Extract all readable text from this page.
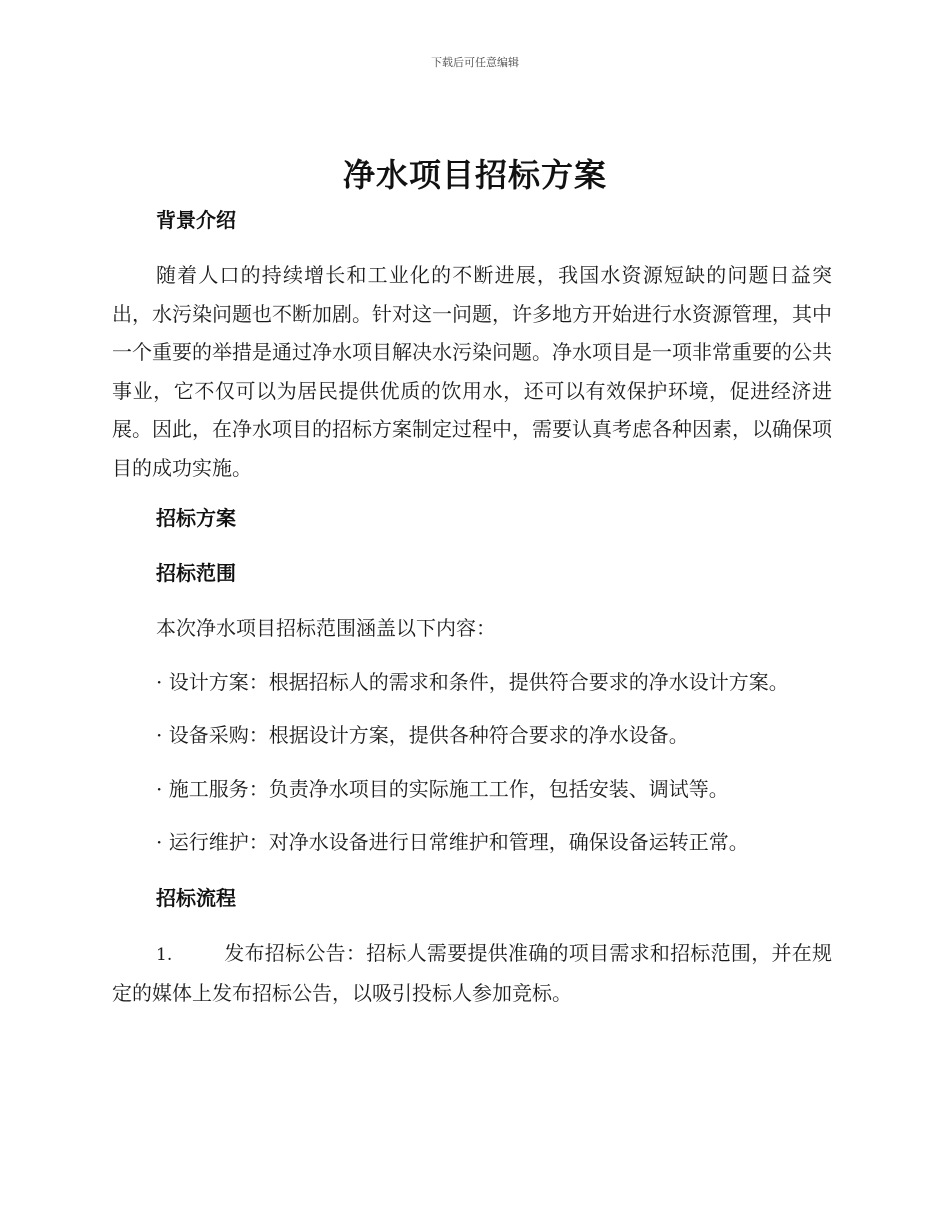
下载后可任意编辑
净水项目招标方案

背景介绍

随着人口的持续增长和工业化的不断进展，我国水资源短缺的问题日益突出，水污染问题也不断加剧。针对这一问题，许多地方开始进行水资源管理，其中一个重要的举措是通过净水项目解决水污染问题。净水项目是一项非常重要的公共事业，它不仅可以为居民提供优质的饮用水，还可以有效保护环境，促进经济进展。因此，在净水项目的招标方案制定过程中，需要认真考虑各种因素，以确保项目的成功实施。

招标方案

招标范围

本次净水项目招标范围涵盖以下内容：

· 设计方案：根据招标人的需求和条件，提供符合要求的净水设计方案。

· 设备采购：根据设计方案，提供各种符合要求的净水设备。

· 施工服务：负责净水项目的实际施工工作，包括安装、调试等。

· 运行维护：对净水设备进行日常维护和管理，确保设备运转正常。

招标流程

1.	发布招标公告：招标人需要提供准确的项目需求和招标范围，并在规定的媒体上发布招标公告，以吸引投标人参加竞标。
